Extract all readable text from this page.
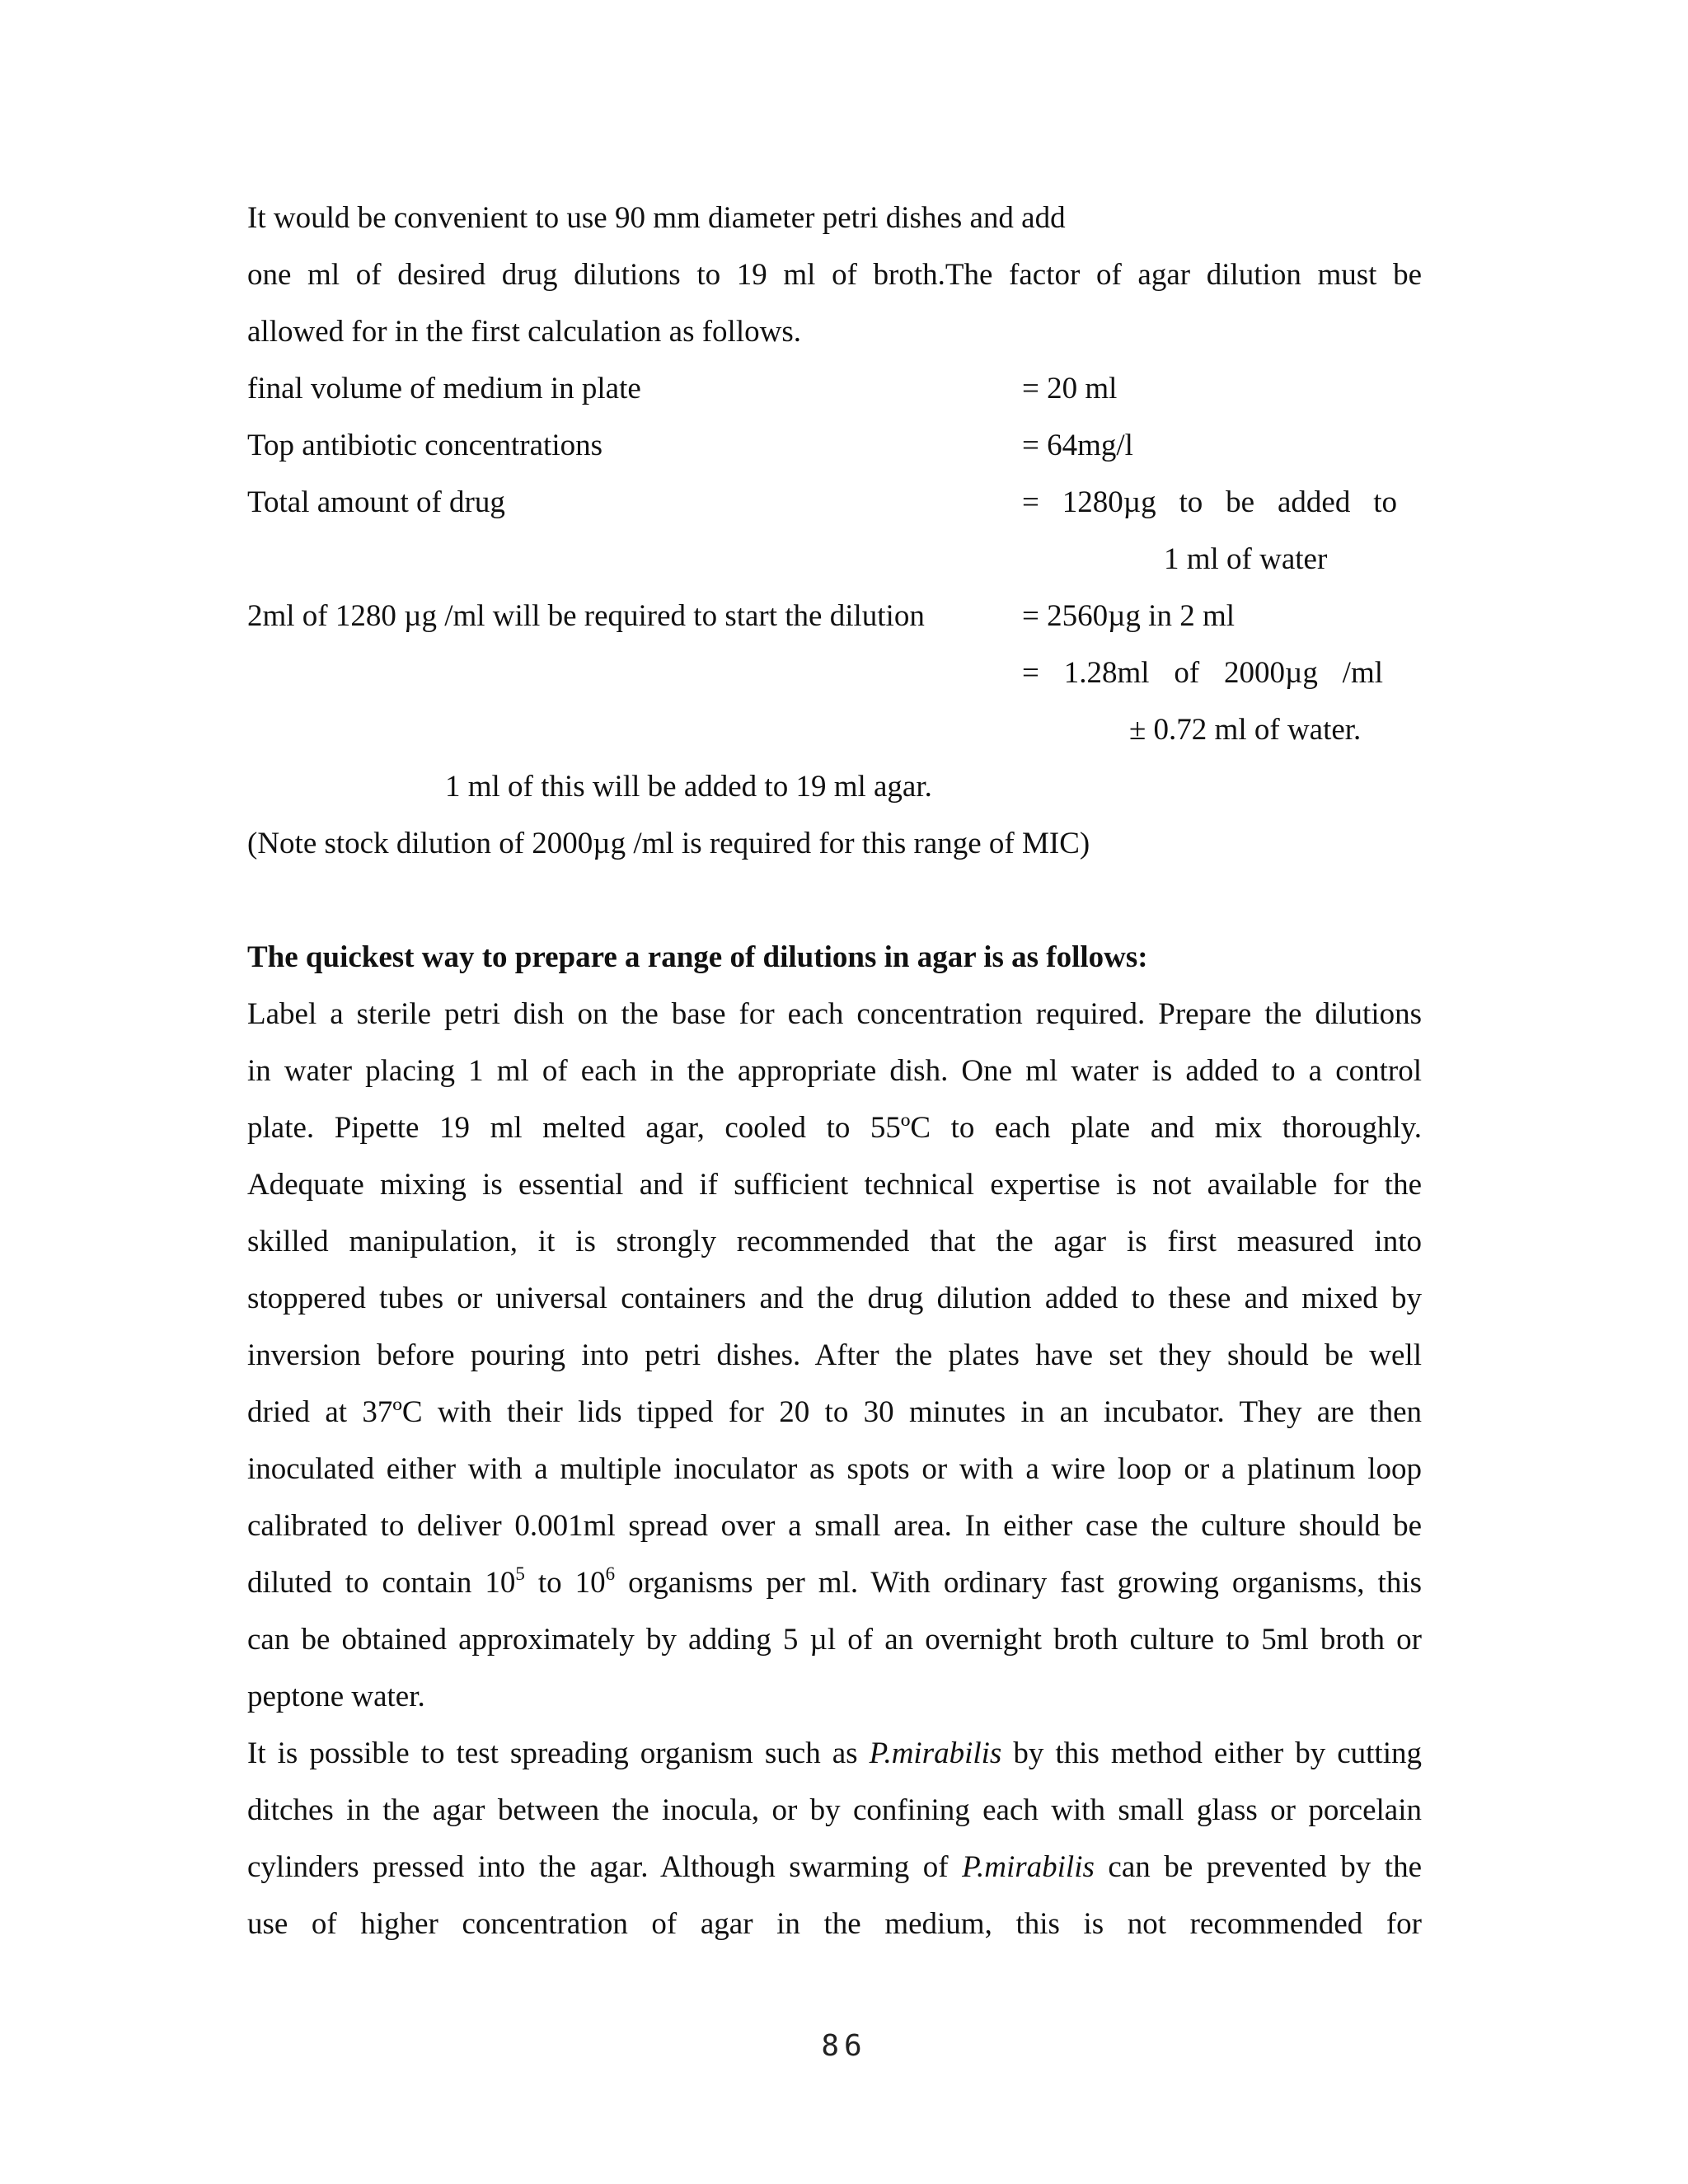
It would be convenient to use 90 mm diameter petri dishes and add
one ml of desired drug dilutions to 19 ml of broth.The factor of agar dilution must be
allowed for in the first calculation as follows.
final volume of medium in plate	= 20 ml
Top antibiotic concentrations	= 64mg/l
Total amount of drug	= 1280µg to be added to
1 ml of water
2ml of 1280 µg /ml will be required to start the dilution	= 2560µg in 2 ml
= 1.28ml of 2000µg /ml
± 0.72 ml of water.
1 ml of this will be added to 19 ml agar.
(Note stock dilution of 2000µg /ml is required for this range of MIC)
The quickest way to prepare a range of dilutions in agar is as follows:
Label a sterile petri dish on the base for each concentration required. Prepare the dilutions
in water placing 1 ml of each in the appropriate dish. One ml water is added to a control
plate. Pipette 19 ml melted agar, cooled to 55ºC to each plate and mix thoroughly.
Adequate mixing is essential and if sufficient technical expertise is not available for the
skilled manipulation, it is strongly recommended that the agar is first measured into
stoppered tubes or universal containers and the drug dilution added to these and mixed by
inversion before pouring into petri dishes. After the plates have set they should be well
dried at 37ºC with their lids tipped for 20 to 30 minutes in an incubator. They are then
inoculated either with a multiple inoculator as spots or with a wire loop or a platinum loop
calibrated to deliver 0.001ml spread over a small area. In either case the culture should be
diluted to contain $10^5$ to $10^6$ organisms per ml. With ordinary fast growing organisms, this
can be obtained approximately by adding 5 µl of an overnight broth culture to 5ml broth or
peptone water.
It is possible to test spreading organism such as P.mirabilis by this method either by cutting
ditches in the agar between the inocula, or by confining each with small glass or porcelain
cylinders pressed into the agar. Although swarming of P.mirabilis can be prevented by the
use of higher concentration of agar in the medium, this is not recommended for
86
